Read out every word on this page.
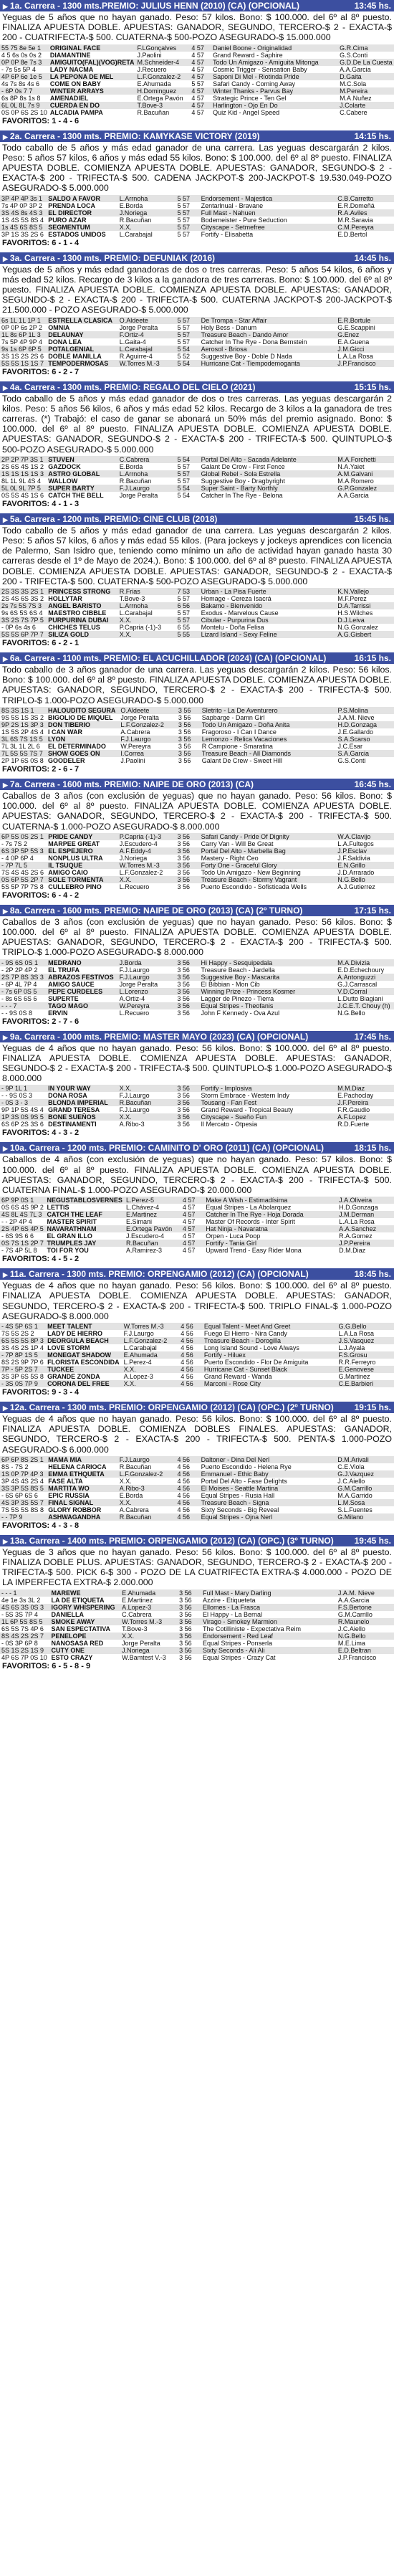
▶ 1a. Carrera - 1300 mts.PREMIO: JULIUS HENN (2010) (CA) (OPCIONAL)	13:45 hs.
Yeguas de 5 años que no hayan ganado. Peso: 57 kilos. Bono: $ 100.000. del 6º al 8º puesto. FINALIZA APUESTA DOBLE. APUESTAS: GANADOR, SEGUNDO, TERCERO-$ 2 - EXACTA-$ 200 - CUATRIFECTA-$ 500. CUATERNA-$ 500-POZO ASEGURADO-$ 15.000.000
55 75 8e 5e 1	ORIGINAL FACE	F.LGonçalves	4 57	Daniel Boone - Originalidad	G.R.Cima
4 5 6s 0s 0s 2	DIAMANTINE	J.Paolini	4 57	Grand Reward - Saphire	G.S.Conti
0P 0P 8e 7s 3	AMIGUITO(FAL)(VOG)RETA	M.Schneider-4	4 57	Todo Un Amigazo - Amiguita Mitonga	G.D.De La Cuesta
- 7s 5s 5P 4	LADY NACMA	J.Recuero	4 57	Cosmic Trigger - Sensation Baby	A.A.Garcia
4P 6P 6e 1e 5	LA PEPONA DE MEL	L.F.Gonzalez-2	4 57	Saponi Di Mel - Riotinda Pride	D.Gaita
4s 7s 8s 4s 6	COME ON BABY	E.Ahumada	5 57	Safari Candy - Coming Away	M.C.Sola
- 6P 0s 7 7	WINTER ARRAYS	H.Dominguez	4 57	Winter Thanks - Parvus Bay	M.Pereira
6s 8P 8s 1s 8	AMENADIEL	E.Ortega Pavón	4 57	Strategic Prince - Ten Gel	M.A.Nuñez
6L 0L 8L 7s 9	CUERDA EN DO	T.Bove-3	4 57	Harlington - Ojo En Do	J.Colarte
0S 0P 6S 2S 10	ALCADIA PAMPA	R.Bacuñan	4 57	Quiz Kid - Angel Speed	C.Cabere
FAVORITOS: 1 - 4 - 6
▶ 2a. Carrera - 1300 mts. PREMIO: KAMYKASE VICTORY (2019)	14:15 hs.
Todo caballo de 5 años y más edad ganador de una carrera. Las yeguas descargarán 2 kilos. Peso: 5 años 57 kilos, 6 años y más edad 55 kilos. Bono: $ 100.000. del 6º al 8º puesto. FINALIZA APUESTA DOBLE. COMIENZA APUESTA DOBLE. APUESTAS: GANADOR, SEGUNDO-$ 2 - EXACTA-$ 200 - TRIFECTA-$ 500. CADENA JACKPOT-$ 200-JACKPOT-$ 19.530.049-POZO ASEGURADO-$ 5.000.000
3P 4P 4P 3s 1	SALDO A FAVOR	L.Arrnoha	5 57	Endorsement - Majestica	C.B.Carretto
7s 4P 0P 3P 2	PRENDA LOCA	E.Borda	5 57	Zentarlnual - Bravane	E.R.Domeñá
3S 4S 8s 4S 3	EL DIRECTOR	J.Noriega	5 57	Full Mast - Nahuen	R.A.Aviles
1S 4S 5S 8S 4	PURO AZAR	R.Bacuñan	5 57	Bodemeister - Pure Seduction	M.R.Saravia
1s 4S 6S 8S 5	SEGMENTUM	X.X.	5 57	Cityscape - Setmefree	C.M.Pereyra
3P 1S 3S 2S 6	ESTADOS UNIDOS	L.Carabajal	5 57	Fortify - Elisabetta	E.D.Bertol
FAVORITOS: 6 - 1 - 4
▶ 3a. Carrera - 1300 mts. PREMIO: DEFUNIAK (2016)	14:45 hs.
Yeguas de 5 años y más edad ganadoras de dos o tres carreras. Peso: 5 años 54 kilos, 6 años y más edad 52 kilos. Recargo de 3 kilos a la ganadora de tres carreras. Bono: $ 100.000. del 6º al 8º puesto. FINALIZA APUESTA DOBLE. COMIENZA APUESTA DOBLE. APUESTAS: GANADOR, SEGUNDO-$ 2 - EXACTA-$ 200 - TRIFECTA-$ 500. CUATERNA JACKPOT-$ 200-JACKPOT-$ 21.500.000 - POZO ASEGURADO-$ 5.000.000
6s 1L 1L 1P 1	ESTRELLA CLASICA	O.Aldeete	5 57	De Trompa - Star Affair	E.R.Bortule
0P 0P 6s 2P 2	OMNIA	Jorge Peralta	5 57	Holy Bess - Danum	G.E.Scappini
1L 8s 6P 1L 3	DELAUNAY	F.Ortiz-4	5 57	Treasure Beach - Dando Amor	G.Enez
7s 5P 4P 9P 4	DONA LEA	L.Gaita-4	5 57	Catcher In The Rye - Dona Bernstein	E.A.Guena
9s 1s 6P 6P 5	POTALGENIAL	L.Carabajal	5 54	Aerosol - Briosa	J.M.Gicci
3S 1S 2S 2S 6	DOBLE MANILLA	R.Aguirre-4	5 52	Suggestive Boy - Doble D Nada	L.A.La Rosa
5S 5S 1S 1S 7	TEMPODERMOSAS	W.Torres M.-3	5 54	Hurricane Cat - Tiempodemoganta	J.P.Francisco
FAVORITOS: 6 - 2 - 7
▶ 4a. Carrera - 1300 mts. PREMIO: REGALO DEL CIELO (2021)	15:15 hs.
Todo caballo de 5 años y más edad ganador de dos o tres carreras. Las yeguas descargarán 2 kilos. Peso: 5 años 56 kilos, 6 años y más edad 52 kilos. Recargo de 3 kilos a la ganadora de tres carreras. (*) Trabajó: el caso de ganar se abonará un 50% más del premio asignado. Bono: $ 100.000. del 6º al 8º puesto. FINALIZA APUESTA DOBLE. COMIENZA APUESTA DOBLE. APUESTAS: GANADOR, SEGUNDO-$ 2 - EXACTA-$ 200 - TRIFECTA-$ 500. QUINTUPLO-$ 500-POZO ASEGURADO-$ 5.000.000
2P 2P 7P 3S 1	STUVEN	C.Cabrera	5 54	Portal Del Alto - Sacada Adelante	M.A.Forchetti
2S 6S 4S 1S 2	GAZDOCK	E.Borda	5 57	Galant De Crow - First Fence	N.A.Yaiet
1S 1S 1S 1S 3	ASTRO GLOBAL	L.Arrnoha	5 57	Global Rebel - Sola Estrella	A.M.Galvani
8L 1L 9L 4S 4	WALLOW	R.Bacuñan	5 57	Suggestive Boy - Dragbyright	M.A.Romero
5L 0L 9L 7P 5	SUPER BARTY	F.J.Laurgo	5 54	Super Saint - Barty Northly	G.P.Gonzalez
0S 5S 4S 1S 6	CATCH THE BELL	Jorge Peralta	5 54	Catcher In The Rye - Belona	A.A.Garcia
FAVORITOS: 4 - 1 - 3
▶ 5a. Carrera - 1200 mts. PREMIO: CINE CLUB (2018)	15:45 hs.
Todo caballo de 5 años y más edad ganador de una carrera. Las yeguas descargarán 2 kilos. Peso: 5 años 57 kilos, 6 años y más edad 55 kilos. (Para jockeys y jockeys aprendices con licencia de Palermo, San Isidro que, teniendo como mínimo un año de actividad hayan ganado hasta 30 carreras desde el 1º de Mayo de 2024.). Bono: $ 100.000. del 6º al 8º puesto. FINALIZA APUESTA DOBLE. COMIENZA APUESTA DOBLE. APUESTAS: GANADOR, SEGUNDO-$ 2 - EXACTA-$ 200 - TRIFECTA-$ 500. CUATERNA-$ 500-POZO ASEGURADO-$ 5.000.000
2S 3S 3S 2S 1	PRINCESS STRONG	R.Frias	7 53	Urban - La Pisa Fuerte	K.N.Vallejo
2S 4S 6S 3S 2	HOLLYTAR	T.Bove-3	5 57	Homage - Cereza Isacrá	M.F.Perez
2s 7s 5S 7S 3	ANGEL BARISTO	L.Arrnoha	6 56	Bakamo - Bienvenido	D.A.Tarrissi
9s 6S 5S 6S 4	MAESTRO CIBBLE	L.Carabajal	5 57	Exodus - Marvelous Cause	H.S.Wilches
3S 2S 7S 7P 5	PURPURINA DUBAI	X.X.	5 57	Cibular - Purpurina Dus	D.J.Leiva
- 0P 6s 4s 6	CHICHES TELUS	P.Capria (-1)-3	6 55	Montelu - Doña Felisa	N.G.Gonzalez
5S 5S 6P 7P 7	SILIZA GOLD	X.X.	5 55	Lizard Island - Sexy Feline	A.G.Gisbert
FAVORITOS: 6 - 2 - 1
▶ 6a. Carrera - 1100 mts. PREMIO: EL ACUCHILLADOR (2024) (CA) (OPCIONAL)	16:15 hs.
Todo caballo de 3 años ganador de una carrera. Las yeguas descargarán 2 kilos. Peso: 56 kilos. Bono: $ 100.000. del 6º al 8º puesto. FINALIZA APUESTA DOBLE. COMIENZA APUESTA DOBLE. APUESTAS: GANADOR, SEGUNDO, TERCERO-$ 2 - EXACTA-$ 200 - TRIFECTA-$ 500. TRIPLO-$ 1.000-POZO ASEGURADO-$ 5.000.000
8S 3S 1S 1	HALOUDITO SEGURA	O.Aldeete	3 56	Sletrito - La De Aventurero	P.S.Molina
9S 5S 1S 3S 2	BIGOLIO DE MIQUEL	Jorge Peralta	3 56	Sapbarge - Damn Girl	J.A.M. Nieve
9P 2S 1S 3P 3	DON TIBERIO	L.F.Gonzalez-2	3 56	Todo Un Amigazo - Doña Anita	H.D.Gonzaga
1S 5S 2P 4S 4	I CAN WAR	A.Cabrera	3 56	Fragoroso - I Can I Dance	J.E.Gallardo
3L 6S 7S 1S 5	LYON	F.J.Laurgo	3 56	Lemonzo - Relica Vacaciones	S.A.Scarso
7L 3L 1L 2L 6	EL DETERMINADO	W.Pereyra	3 56	R Campione - Smaratina	J.C.Esar
7L 5S 5S 7S 7	SHOW GOES ON	I.Correa	3 56	Treasure Beach - All Diamonds	S.A.Garcia
2P 1P 6S 0S 8	GOODELER	J.Paolini	3 56	Galant De Crew - Sweet Hill	G.S.Conti
FAVORITOS: 2 - 6 - 7
▶ 7a. Carrera - 1600 mts. PREMIO: NAIPE DE ORO (2013) (CA)	16:45 hs.
Caballos de 3 años (con exclusión de yeguas) que no hayan ganado. Peso: 56 kilos. Bono: $ 100.000. del 6º al 8º puesto. FINALIZA APUESTA DOBLE. COMIENZA APUESTA DOBLE. APUESTAS: GANADOR, SEGUNDO, TERCERO-$ 2 - EXACTA-$ 200 - TRIFECTA-$ 500. CUATERNA-$ 1.000-POZO ASEGURADO-$ 8.000.000
6P 5S 0S 2S 1	PRIDE CANDY	P.Capria (-1)-3	3 56	Safari Candy - Pride Of Dignity	W.A.Clavijo
- 7s 7S 2	MARPEE GREAT	J.Escudero-4	3 56	Carry Van - Will Be Great	L.A.Fultegos
6S 3P 5P 5S 3	EL ESPEJERO	A.F.Eddy-4	3 56	Portal Del Alto - Marbella Bag	J.P.Esclav
- 4 0P 6P 4	NONPLUS ULTRA	J.Noriega	3 56	Mastery - Right Ceo	J.F.Saldivia
- 7P 7L 5	IL TSUQUE	W.Torres M.-3	3 56	Forty One - Graceful Glory	E.N.Grillo
7S 4S 4S 2S 6	AMIGO CAIO	L.F.Gonzalez-2	3 56	Todo Un Amigazo - New Beginning	J.D.Arrarado
0S 6P 5S 2P 7	SOLE TORMENTA	X.X.	3 56	Treasure Beach - Stormy Vagrant	N.G.Bello
5S 5P 7P 7S 8	CULLEBRO PINO	L.Recuero	3 56	Puerto Escondido - Sofisticada Wells	A.J.Gutierrez
FAVORITOS: 6 - 4 - 2
▶ 8a. Carrera - 1600 mts. PREMIO: NAIPE DE ORO (2013) (CA) (2º TURNO)	17:15 hs.
Caballos de 3 años (con exclusión de yeguas) que no hayan ganado. Peso: 56 kilos. Bono: $ 100.000. del 6º al 8º puesto. FINALIZA APUESTA DOBLE. COMIENZA APUESTA DOBLE. APUESTAS: GANADOR, SEGUNDO, TERCERO-$ 2 - EXACTA-$ 200 - TRIFECTA-$ 500. TRIPLO-$ 1.000-POZO ASEGURADO-$ 8.000.000
- 9S 6S 0S 1	MEDRANO	J.Borda	3 56	Hi Happy - Sesquipedala	M.A.Divizia
- 2P 2P 4P 2	EL TRUFA	F.J.Laurgo	3 56	Treasure Beach - Jardella	E.D.Echechoury
2S 7P 8S 3S 3	ABRAZOS FESTIVOS	F.J.Laurgo	3 56	Suggestive Boy - Mascarita	A.Antonguzzi
- 6P 4L 7P 4	AMIGO SAUCE	Jorge Peralta	3 56	El Bibbian - Mon Cib	G.J.Carrascal
- 7s 6P 0S 5	PEPE CURDELES	L.Lorenzo	3 56	Winning Prize - Princess Kosmer	V.D.Corral
- 8s 6S 6S 6	SUPERTE	A.Ortiz-4	3 56	Lagger de Pinezo - Tierra	L.Dutto Biagiani
- - - 7	TAGO MAGO	W.Pereyra	3 56	Equal Stripes - Theofanis	J.C.E.T. Chouy (h)
- - 9S 0S 8	ERVIN	L.Recuero	3 56	John F Kennedy - Ova Azul	N.G.Bello
FAVORITOS: 2 - 7 - 6
▶ 9a. Carrera - 1000 mts. PREMIO: MASTER MAYO (2023) (CA) (OPCIONAL)	17:45 hs.
Yeguas de 4 años que no hayan ganado. Peso: 56 kilos. Bono: $ 100.000. del 6º al 8º puesto. FINALIZA APUESTA DOBLE. COMIENZA APUESTA DOBLE. APUESTAS: GANADOR, SEGUNDO-$ 2 - EXACTA-$ 200 - TRIFECTA-$ 500. QUINTUPLO-$ 1.000-POZO ASEGURADO-$ 8.000.000
- 9P 1L 1	IN YOUR WAY	X.X.	3 56	Fortify - Implosiva	M.M.Diaz
- - 9S 0S 3	DONA ROSA	F.J.Laurgo	3 56	Storm Embrace - Western Indy	E.Pachoclay
- 0S 3 - 3	BLONDA IMPERIAL	R.Bacuñan	3 56	Tousang - Fan Fest	J.F.Pereira
9P 1P 5S 4S 4	GRAND TERESA	F.J.Laurgo	3 56	Grand Reward - Tropical Beauty	F.R.Gaudio
1P 3S 0S 9S 5	BONE SUEÑOS	X.X.	3 56	Cityscape - Sueño Fun	A.F.Lopez
6S 6P 2S 3S 6	DESTINAMENTI	A.Ribo-3	3 56	Il Mercato - Otpesia	R.D.Fuerte
FAVORITOS: 4 - 3 - 2
▶ 10a. Carrera - 1200 mts. PREMIO: CAMINITO D' ORO (2011) (CA) (OPCIONAL)	18:15 hs.
Caballos de 4 años (con exclusión de yeguas) que no hayan ganado. Peso: 57 kilos. Bono: $ 100.000. del 6º al 8º puesto. FINALIZA APUESTA DOBLE. COMIENZA APUESTA DOBLE. APUESTAS: GANADOR, SEGUNDO, TERCERO-$ 2 - EXACTA-$ 200 - TRIFECTA-$ 500. CUATERNA FINAL-$ 1.000-POZO ASEGURADO-$ 20.000.000
6P 9P 0S 1	NEGUSTABLOSVERNES	L.Perez-5	4 57	Make A Wish - Estimadísima	J.A.Oliveira
0S 6S 4S 9P 2	LETTIS	L.Chávez-4	4 57	Equal Stripes - La Abolarquez	H.D.Gonzaga
4S 8L 4S 7L 3	CATCH THE LEAF	E.Martinez	4 57	Catcher In The Rye - Hoja Dorada	J.M.Derman
- - 2P 4P 4	MASTER SPIRIT	E.Simani	4 57	Master Of Records - Inter Spirit	L.A.La Rosa
2S 4P 6S 4P 5	NAVARATHNAM	E.Ortega Pavón	4 57	Hat Ninja - Navaratna	A.A.Sanchez
- 6S 9S 6 6	EL GRAN ILLO	J.Escudero-4	4 57	Orpen - Luca Poop	R.A.Gomez
0S 7S 1S 2P 7	TRUMPLES JAY	R.Bacuñan	4 57	Fortify - Tania Girl	J.P.Pereira
- 7S 4P 5L 8	TOI FOR YOU	A.Ramirez-3	4 57	Upward Trend - Easy Rider Mona	D.M.Diaz
FAVORITOS: 4 - 5 - 2
▶ 11a. Carrera - 1300 mts. PREMIO: ORPENGAMIO (2012) (CA) (OPCIONAL)	18:45 hs.
Yeguas de 4 años que no hayan ganado. Peso: 56 kilos. Bono: $ 100.000. del 6º al 8º puesto. FINALIZA APUESTA DOBLE. COMIENZA APUESTA DOBLE. APUESTAS: GANADOR, SEGUNDO, TERCERO-$ 2 - EXACTA-$ 200 - TRIFECTA-$ 500. TRIPLO FINAL-$ 1.000-POZO ASEGURADO-$ 8.000.000
- 4S 5P 6S 1	MEET TALENT	W.Torres M.-3	4 56	Equal Talent - Meet And Greet	G.G.Bello
7S 5S 2S 2	LADY DE HIERRO	F.J.Laurgo	4 56	Fuego El Hierro - Nira Candy	L.A.La Rosa
6S 5S 5S 8P 3	DEORGULA BEACH	L.F.Gonzalez-2	4 56	Treasure Beach - Dorogilla	J.S.Vasquez
3S 4S 2S 1P 4	LOVE STORM	L.Carabajal	4 56	Long Island Sound - Love Always	L.J.Ayala
- 7P 8P 1S 5	MONEGAT SHADOW	E.Ahumada	4 56	Fortify - Hiluex	F.S.Grosu
8S 2S 9P 7P 6	FLORISTA ESCONDIDA	L.Perez-4	4 56	Puerto Escondido - Flor De Amiguita	R.R.Ferreyro
7P - 5P 2S 7	TUCKEE	X.X.	4 56	Hurricane Cat - Sunset Black	E.Genovese
3S 3P 6S 5S 8	GRANDE ZONDA	A.Lopez-3	4 56	Grand Reward - Wanda	G.Martinez
- 3S 0S 7P 9	CORONA DEL FREE	X.X.	4 56	Marconi - Rose City	C.E.Barbieri
FAVORITOS: 9 - 3 - 4
▶ 12a. Carrera - 1300 mts. PREMIO: ORPENGAMIO (2012) (CA) (OPC.) (2º TURNO) 19:15 hs.
Yeguas de 4 años que no hayan ganado. Peso: 56 kilos. Bono: $ 100.000. del 6º al 8º puesto. FINALIZA APUESTA DOBLE. COMIENZA DOBLES FINALES. APUESTAS: GANADOR, SEGUNDO, TERCERO-$ 2 - EXACTA-$ 200 - TRIFECTA-$ 500. PENTA-$ 1.000-POZO ASEGURADO-$ 6.000.000
6P 6P 8S 2S 1	MAMA MIA	F.J.Laurgo	4 56	Daltoner - Dina Del Nerl	D.M.Arivali
8S - 7S 2	HELENA CARIOCA	R.Bacuñan	4 56	Puerto Escondido - Helena Rye	C.E.Viola
1S 0P 7P 4P 3	EMMA ETHQUETA	L.F.Gonzalez-2	4 56	Emmanuel - Ethic Baby	G.J.Vazquez
3P 4S 4S 2S 4	FASE ALTA	X.X.	4 56	Portal Del Alto - Fase Delights	J.C.Aiello
3S 3P 5S 8S 5	MARTITA WO	A.Ribo-3	4 56	El Moises - Seattle Martina	G.M.Carrillo
- 6S 6P 6S 6	EPIC RUSSIA	E.Borda	4 56	Equal Stripes - Rusia Hall	M.A.Garrido
4S 3P 3S 5S 7	FINAL SIGNAL	X.X.	4 56	Treasure Beach - Signa	L.M.Sosa
7S 5S 5S 8S 8	GLORY ROBBOR	A.Cabrera	4 56	Sixty Seconds - Big Reveal	S.L.Fuentes
- - 7P 9	ASHWAGANDHA	R.Bacuñan	4 56	Equal Stripes - Ojna Nerl	G.Milano
FAVORITOS: 4 - 3 - 8
▶ 13a. Carrera - 1400 mts. PREMIO: ORPENGAMIO (2012) (CA) (OPC.) (3º TURNO) 19:45 hs.
Yeguas de 3 años que no hayan ganado. Peso: 56 kilos. Bono: $ 100.000. del 6º al 8º puesto. FINALIZA DOBLE PLUS. APUESTAS: GANADOR, SEGUNDO, TERCERO-$ 2 - EXACTA-$ 200 - TRIFECTA-$ 500. PICK 6-$ 300 - POZO DE LA CUATRIFECTA EXTRA-$ 4.000.000 - POZO DE LA IMPERFECTA EXTRA-$ 2.000.000
- - - 1	MAREWE	E.Ahumada	3 56	Full Mast - Mary Darling	J.A.M. Nieve
4e 1e 3s 3L 2	LA DE ETIQUETA	E.Martinez	3 56	Azzire - Etiqueteta	A.A.Garcia
4S 6S 3S 0S 3	IGORY WHISPERING	A.Lopez-3	3 56	Ellomes - La Frasca	F.S.Bertone
- 5S 3S 7P 4	DANIELLA	C.Cabrera	3 56	El Happy - La Bernal	G.M.Carrillo
1L 6P 5S 8S 5	SMOKE AWAY	W.Torres M.-3	3 56	Virago - Smokey Marmion	R.Maunelo
6S 5S 7S 4P 6	SAN ESPECTATIVA	T.Bove-3	3 56	The Cotilliniste - Expectativa Reim	J.C.Aiello
8S 4S 2S 2S 7	PENELOPE	X.X.	3 56	Endorsement - Red Leaf	N.G.Bello
- 0S 3P 6P 8	NANOSASA RED	Jorge Peralta	3 56	Equal Stripes - Ponserla	M.E.Lima
5S 1S 2S 1S 9	CUTY ONE	J.Noriega	3 56	Sixty Seconds - Ali Ali	E.D.Beltran
4P 6S 7P 0S 10	ESTO CRAZY	W.Bamtest V.-3	3 56	Equal Stripes - Crazy Cat	J.P.Francisco
FAVORITOS: 6 - 5 - 8 - 9
